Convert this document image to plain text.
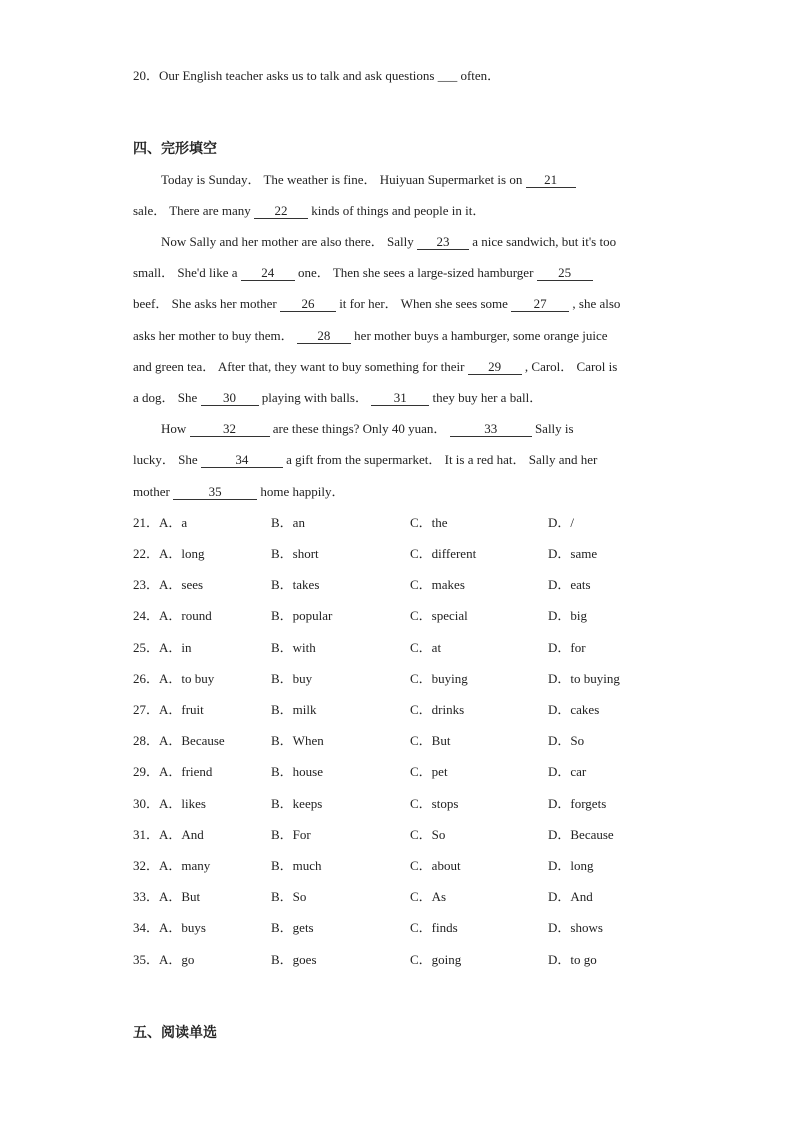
20．Our English teacher asks us to talk and ask questions ___ often．
四、完形填空
Today is Sunday． The weather is fine． Huiyuan Supermarket is on 21
sale． There are many 22 kinds of things and people in it．
Now Sally and her mother are also there． Sally 23 a nice sandwich, but it's too
small． She'd like a 24 one． Then she sees a large-sized hamburger 25
beef． She asks her mother 26 it for her． When she sees some 27 , she also
asks her mother to buy them． 28 her mother buys a hamburger, some orange juice
and green tea． After that, they want to buy something for their 29 , Carol． Carol is
a dog． She 30 playing with balls． 31 they buy her a ball．
How	32	are these things? Only 40 yuan．	33	Sally is
lucky． She	34	a gift from the supermarket． It is a red hat． Sally and her
mother	35	home happily．
21．A．a	B．an	C．the	D．/
22．A．long	B．short	C．different	D．same
23．A．sees	B．takes	C．makes	D．eats
24．A．round	B．popular	C．special	D．big
25．A．in	B．with	C．at	D．for
26．A．to buy	B．buy	C．buying	D．to buying
27．A．fruit	B．milk	C．drinks	D．cakes
28．A．Because	B．When	C．But	D．So
29．A．friend	B．house	C．pet	D．car
30．A．likes	B．keeps	C．stops	D．forgets
31．A．And	B．For	C．So	D．Because
32．A．many	B．much	C．about	D．long
33．A．But	B．So	C．As	D．And
34．A．buys	B．gets	C．finds	D．shows
35．A．go	B．goes	C．going	D．to go
五、阅读单选
